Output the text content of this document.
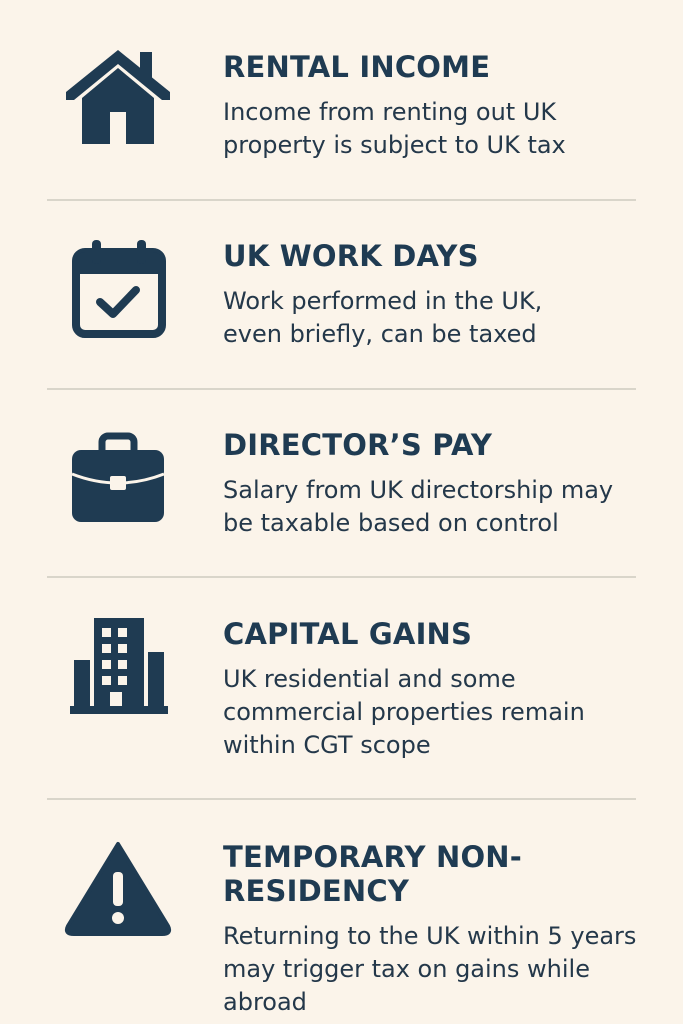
RENTAL INCOME

Income from renting out UK property is subject to UK tax

UK WORK DAYS

Work performed in the UK, even briefly, can be taxed

DIRECTOR’S PAY

Salary from UK directorship may be taxable based on control

CAPITAL GAINS

UK residential and some commercial properties remain within CGT scope

TEMPORARY NON-RESIDENCY

Returning to the UK within 5 years may trigger tax on gains while abroad
